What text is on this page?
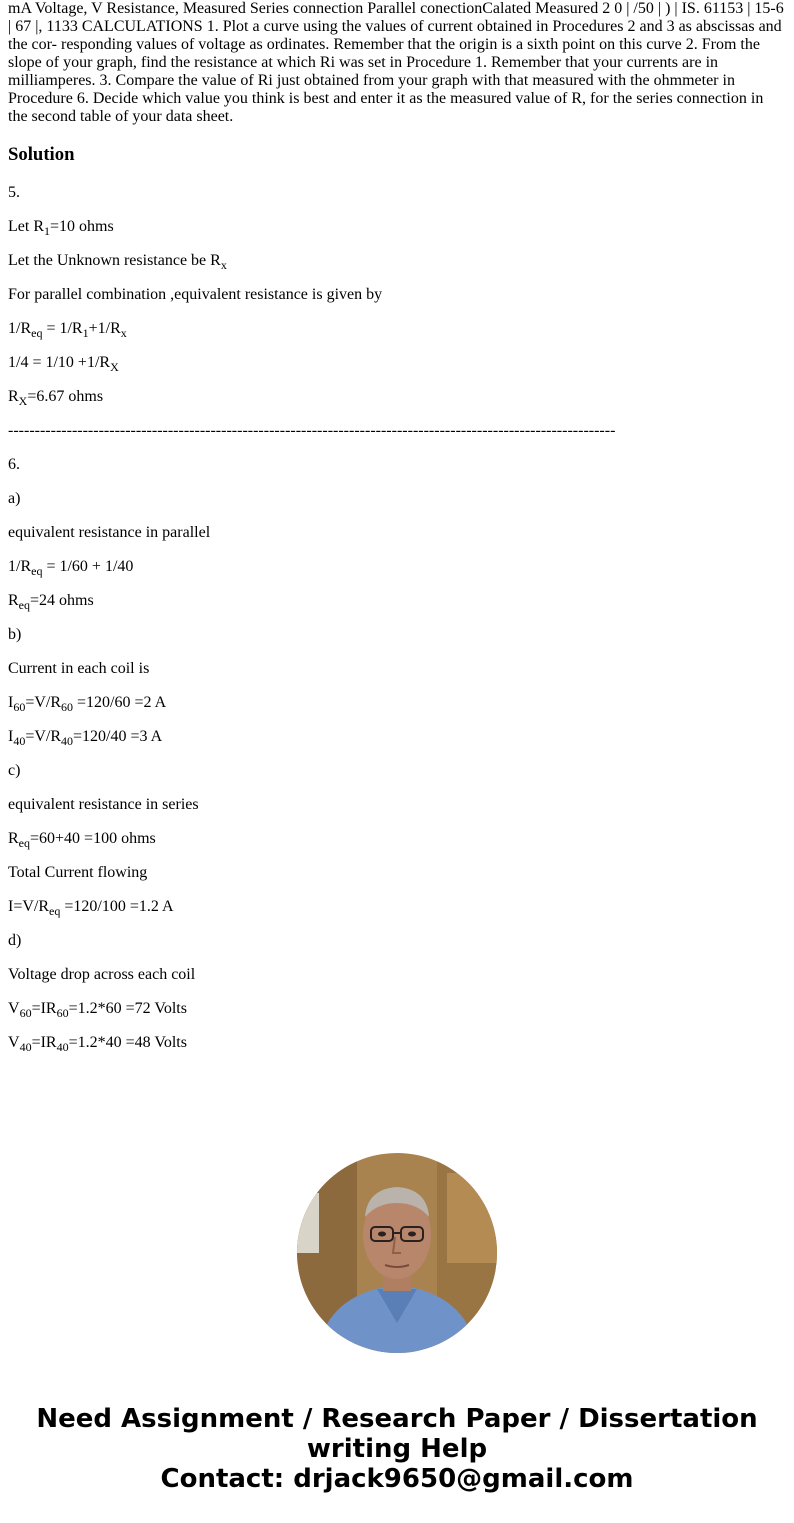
mA Voltage, V Resistance, Measured Series connection Parallel conectionCalated Measured 2 0 | /50 | ) | IS. 61153 | 15-6 | 67 |, 1133 CALCULATIONS 1. Plot a curve using the values of current obtained in Procedures 2 and 3 as abscissas and the cor- responding values of voltage as ordinates. Remember that the origin is a sixth point on this curve 2. From the slope of your graph, find the resistance at which Ri was set in Procedure 1. Remember that your currents are in milliamperes. 3. Compare the value of Ri just obtained from your graph with that measured with the ohmmeter in Procedure 6. Decide which value you think is best and enter it as the measured value of R, for the series connection in the second table of your data sheet.

Solution

5.

Let $R_1=10$ ohms

Let the Unknown resistance be $R_x$

For parallel combination ,equivalent resistance is given by

$1/R_{eq} = 1/R_1+1/R_x$

$1/4 = 1/10 +1/R_X$

$R_X=6.67$ ohms

------------------------------------------------------------------------------------------------------------------

6.

a)

equivalent resistance in parallel

$1/R_{eq} = 1/60 + 1/40$

$R_{eq}=24$ ohms

b)

Current in each coil is

$I_{60}=V/R_{60} =120/60 =2$ A

$I_{40}=V/R_{40}=120/40 =3$ A

c)

equivalent resistance in series

$R_{eq}=60+40 =100$ ohms

Total Current flowing

$I=V/R_{eq} =120/100 =1.2$ A

d)

Voltage drop across each coil

$V_{60}=IR_{60}=1.2*60 =72$ Volts

$V_{40}=IR_{40}=1.2*40 =48$ Volts

Need Assignment / Research Paper / Dissertation
writing Help
Contact: drjack9650@gmail.com
